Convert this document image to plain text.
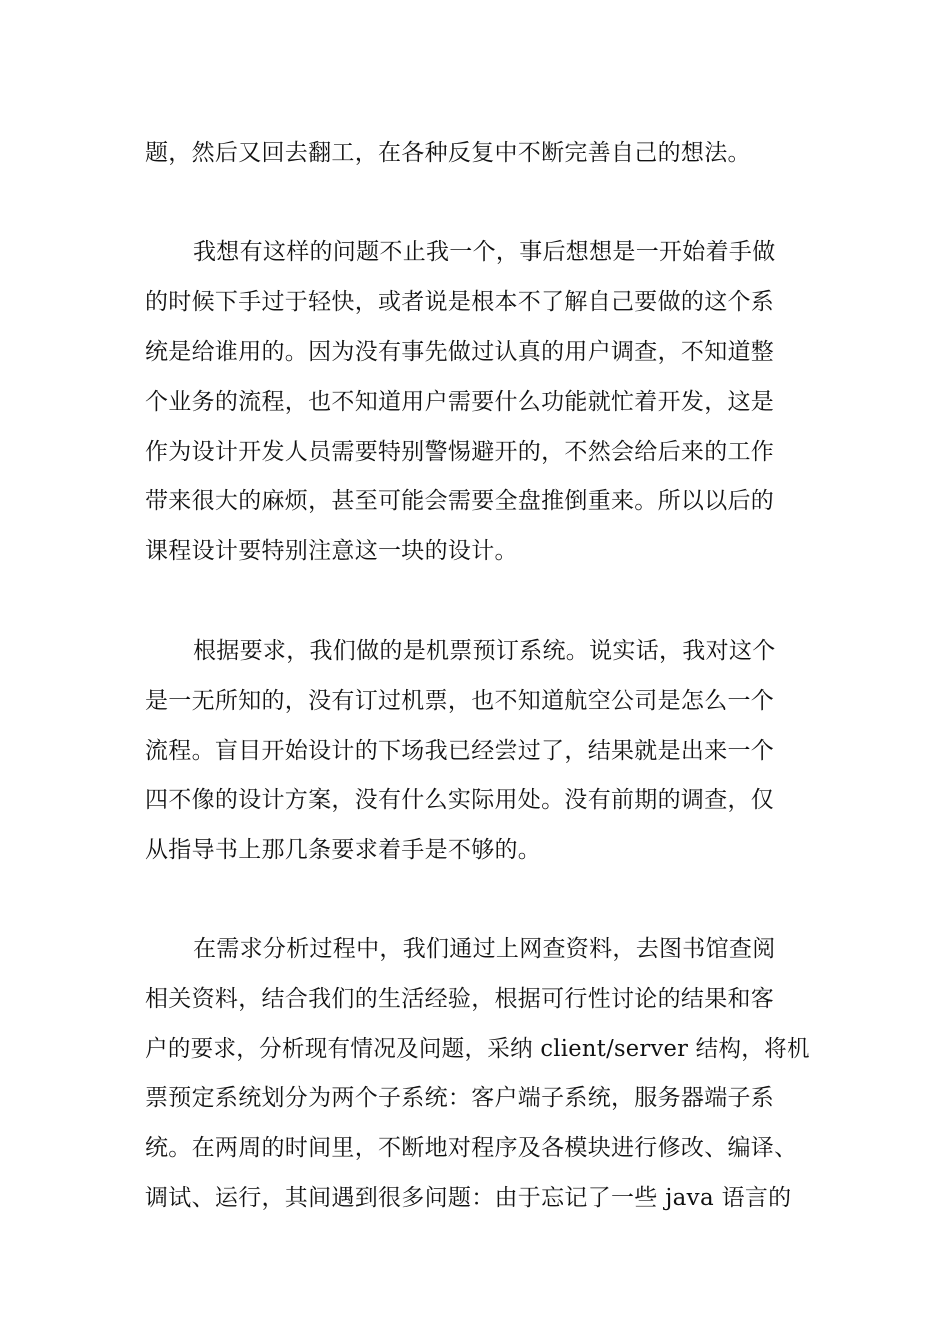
题，然后又回去翻工，在各种反复中不断完善自己的想法。
我想有这样的问题不止我一个，事后想想是一开始着手做
的时候下手过于轻快，或者说是根本不了解自己要做的这个系
统是给谁用的。因为没有事先做过认真的用户调查，不知道整
个业务的流程，也不知道用户需要什么功能就忙着开发，这是
作为设计开发人员需要特别警惕避开的，不然会给后来的工作
带来很大的麻烦，甚至可能会需要全盘推倒重来。所以以后的
课程设计要特别注意这一块的设计。
根据要求，我们做的是机票预订系统。说实话，我对这个
是一无所知的，没有订过机票，也不知道航空公司是怎么一个
流程。盲目开始设计的下场我已经尝过了，结果就是出来一个
四不像的设计方案，没有什么实际用处。没有前期的调查，仅
从指导书上那几条要求着手是不够的。
在需求分析过程中，我们通过上网查资料，去图书馆查阅
相关资料，结合我们的生活经验，根据可行性讨论的结果和客
户的要求，分析现有情况及问题，采纳 client/server 结构，将机
票预定系统划分为两个子系统：客户端子系统，服务器端子系
统。在两周的时间里，不断地对程序及各模块进行修改、编译、
调试、运行，其间遇到很多问题：由于忘记了一些 java 语言的
